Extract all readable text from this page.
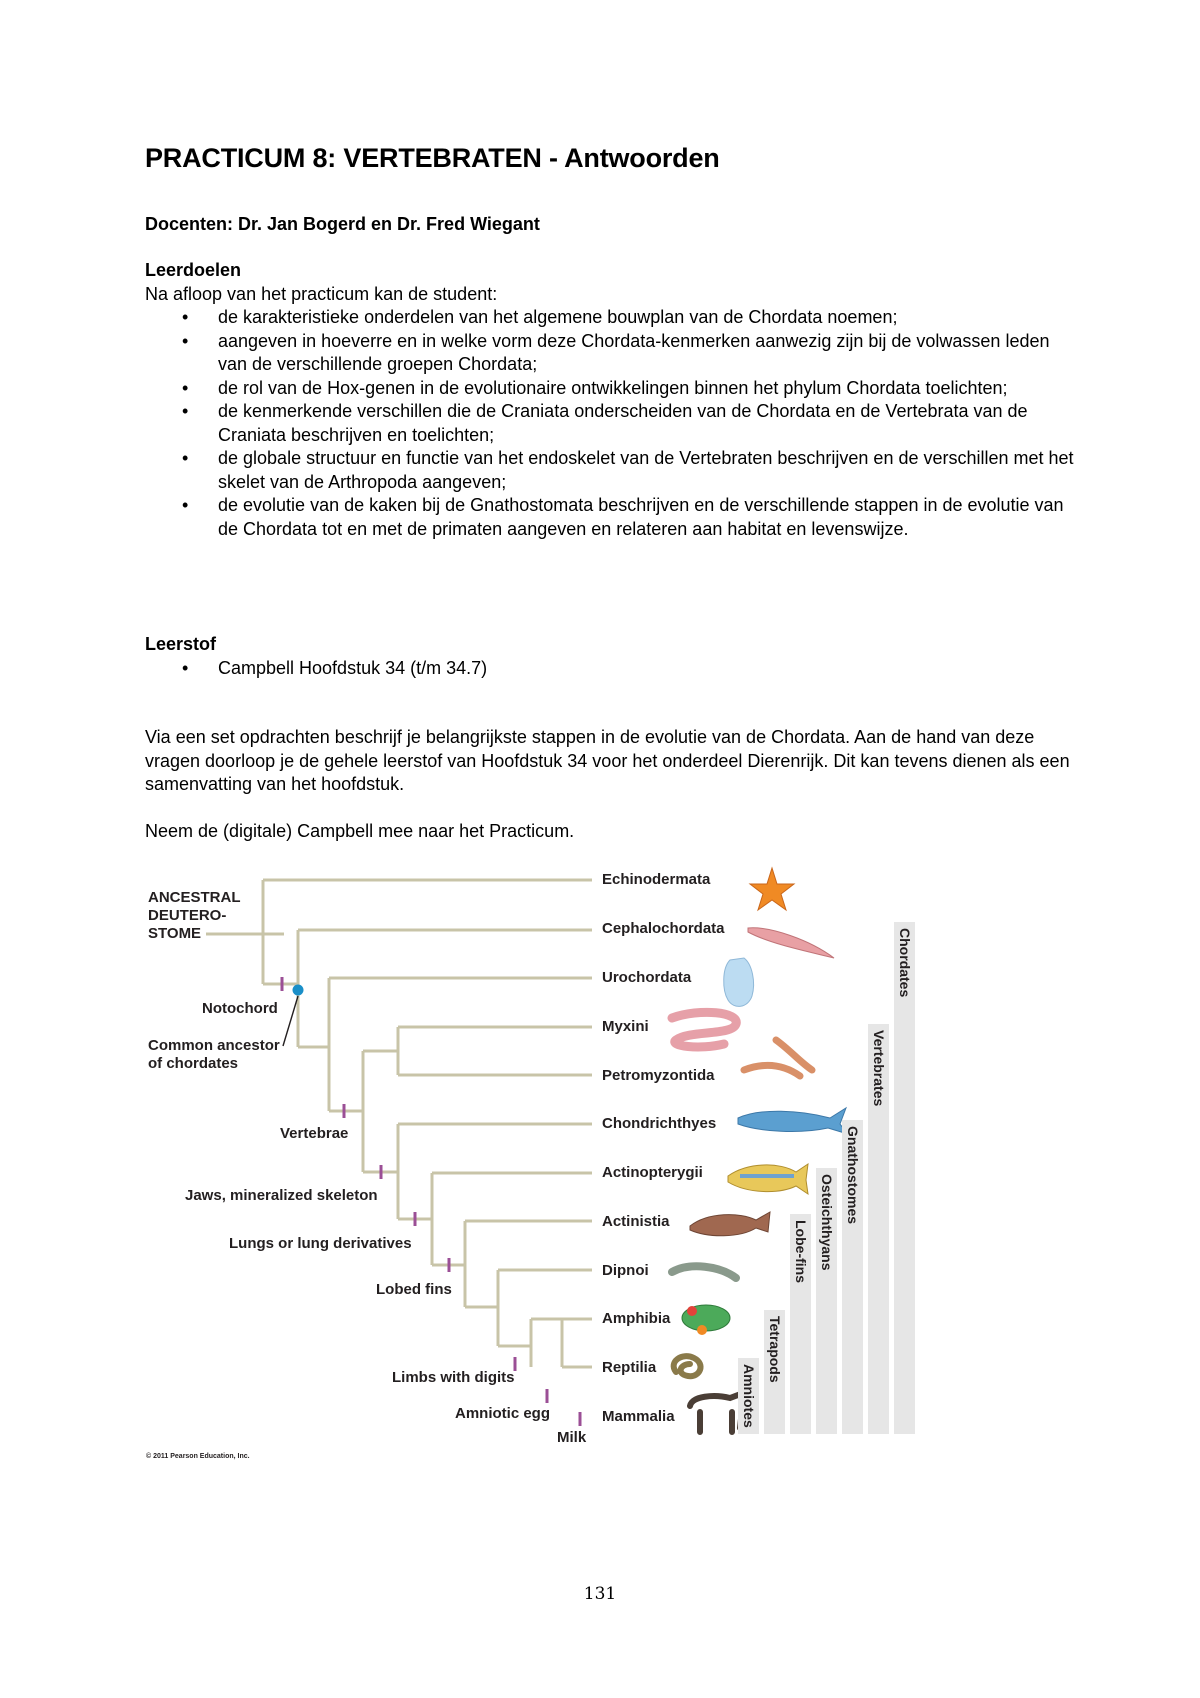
PRACTICUM 8: VERTEBRATEN - Antwoorden
Docenten: Dr. Jan Bogerd en Dr. Fred Wiegant
Leerdoelen
Na afloop van het practicum kan de student:
• de karakteristieke onderdelen van het algemene bouwplan van de Chordata noemen;
• aangeven in hoeverre en in welke vorm deze Chordata-kenmerken aanwezig zijn bij de volwassen leden van de verschillende groepen Chordata;
• de rol van de Hox-genen in de evolutionaire ontwikkelingen binnen het phylum Chordata toelichten;
• de kenmerkende verschillen die de Craniata onderscheiden van de Chordata en de Vertebrata van de Craniata beschrijven en toelichten;
• de globale structuur en functie van het endoskelet van de Vertebraten beschrijven en de verschillen met het skelet van de Arthropoda aangeven;
• de evolutie van de kaken bij de Gnathostomata beschrijven en de verschillende stappen in de evolutie van de Chordata tot en met de primaten aangeven en relateren aan habitat en levenswijze.
Leerstof
• Campbell Hoofdstuk 34 (t/m 34.7)
Via een set opdrachten beschrijf je belangrijkste stappen in de evolutie van de Chordata. Aan de hand van deze vragen doorloop je de gehele leerstof van Hoofdstuk 34 voor het onderdeel Dierenrijk. Dit kan tevens dienen als een samenvatting van het hoofdstuk.
Neem de (digitale) Campbell mee naar het Practicum.
ANCESTRAL
DEUTERO-
STOME
Echinodermata
Cephalochordata
Urochordata
Myxini
Petromyzontida
Chondrichthyes
Actinopterygii
Actinistia
Dipnoi
Amphibia
Reptilia
Mammalia
Notochord
Common ancestor
of chordates
Vertebrae
Jaws, mineralized skeleton
Lungs or lung derivatives
Lobed fins
Limbs with digits
Amniotic egg
Milk
Chordates
Vertebrates
Gnathostomes
Osteichthyans
Lobe-fins
Tetrapods
Amniotes
© 2011 Pearson Education, Inc.
131
